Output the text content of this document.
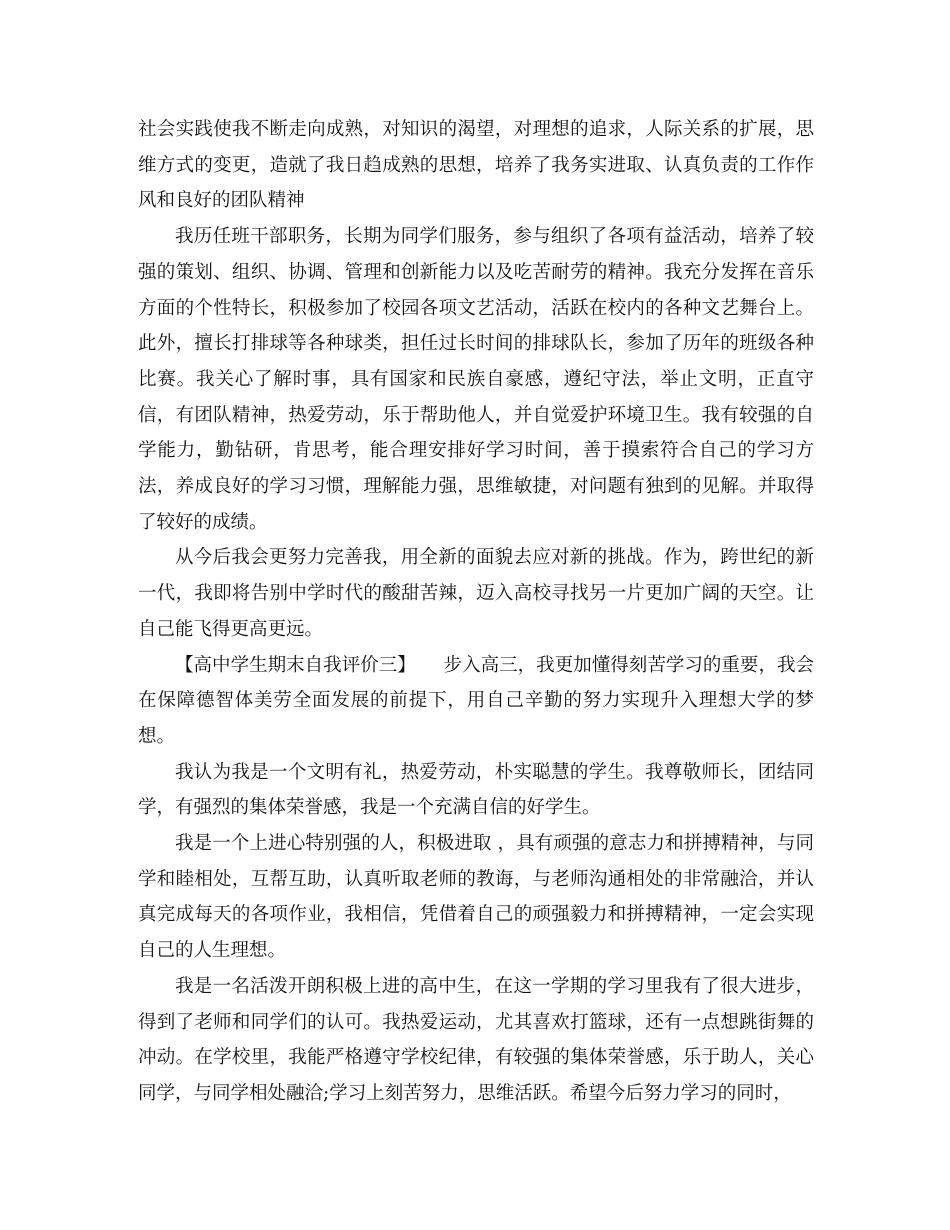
社会实践使我不断走向成熟，对知识的渴望，对理想的追求，人际关系的扩展，思维方式的变更，造就了我日趋成熟的思想，培养了我务实进取、认真负责的工作作风和良好的团队精神

我历任班干部职务，长期为同学们服务，参与组织了各项有益活动，培养了较强的策划、组织、协调、管理和创新能力以及吃苦耐劳的精神。我充分发挥在音乐方面的个性特长，积极参加了校园各项文艺活动，活跃在校内的各种文艺舞台上。此外，擅长打排球等各种球类，担任过长时间的排球队长，参加了历年的班级各种比赛。我关心了解时事，具有国家和民族自豪感，遵纪守法，举止文明，正直守信，有团队精神，热爱劳动，乐于帮助他人，并自觉爱护环境卫生。我有较强的自学能力，勤钻研，肯思考，能合理安排好学习时间，善于摸索符合自己的学习方法，养成良好的学习习惯，理解能力强，思维敏捷，对问题有独到的见解。并取得了较好的成绩。

从今后我会更努力完善我，用全新的面貌去应对新的挑战。作为，跨世纪的新一代，我即将告别中学时代的酸甜苦辣，迈入高校寻找另一片更加广阔的天空。让自己能飞得更高更远。

【高中学生期末自我评价三】　　步入高三，我更加懂得刻苦学习的重要，我会在保障德智体美劳全面发展的前提下，用自己辛勤的努力实现升入理想大学的梦想。

我认为我是一个文明有礼，热爱劳动，朴实聪慧的学生。我尊敬师长，团结同学，有强烈的集体荣誉感，我是一个充满自信的好学生。

我是一个上进心特别强的人，积极进取 ，具有顽强的意志力和拼搏精神，与同学和睦相处，互帮互助，认真听取老师的教诲，与老师沟通相处的非常融洽，并认真完成每天的各项作业，我相信，凭借着自己的顽强毅力和拼搏精神，一定会实现自己的人生理想。

我是一名活泼开朗积极上进的高中生，在这一学期的学习里我有了很大进步，得到了老师和同学们的认可。我热爱运动，尤其喜欢打篮球，还有一点想跳街舞的冲动。在学校里，我能严格遵守学校纪律，有较强的集体荣誉感，乐于助人，关心同学，与同学相处融洽;学习上刻苦努力，思维活跃。希望今后努力学习的同时，
